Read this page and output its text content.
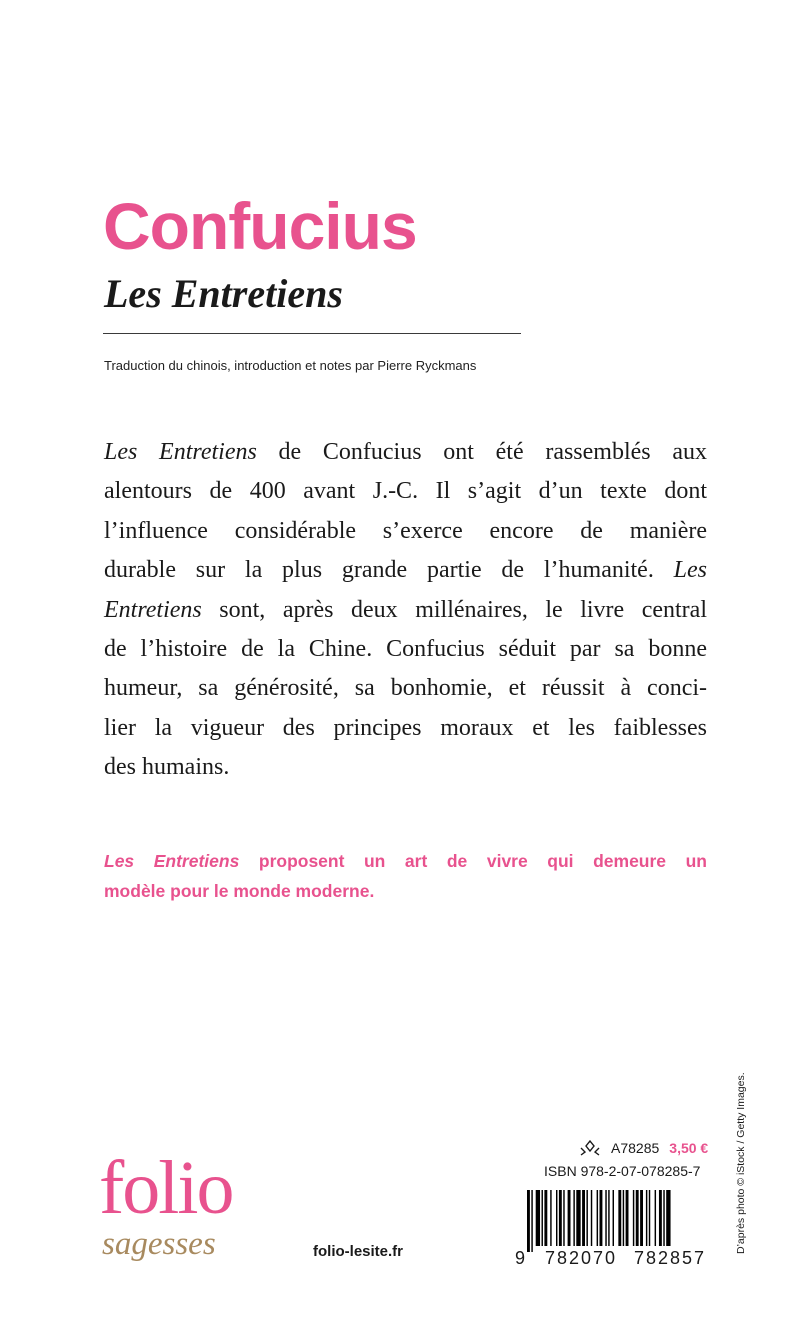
Confucius
Les Entretiens

Traduction du chinois, introduction et notes par Pierre Ryckmans

Les Entretiens de Confucius ont été rassemblés aux
alentours de 400 avant J.-C. Il s’agit d’un texte dont
l’influence considérable s’exerce encore de manière
durable sur la plus grande partie de l’humanité. Les
Entretiens sont, après deux millénaires, le livre central
de l’histoire de la Chine. Confucius séduit par sa bonne
humeur, sa générosité, sa bonhomie, et réussit à conci-
lier la vigueur des principes moraux et les faiblesses
des humains.
Les Entretiens proposent un art de vivre qui demeure un
modèle pour le monde moderne.
folio
sagesses	folio-lesite.fr

A78285 3,50 €

ISBN 978-2-07-078285-7

9 782070 782857

D’après photo © iStock / Getty Images.
